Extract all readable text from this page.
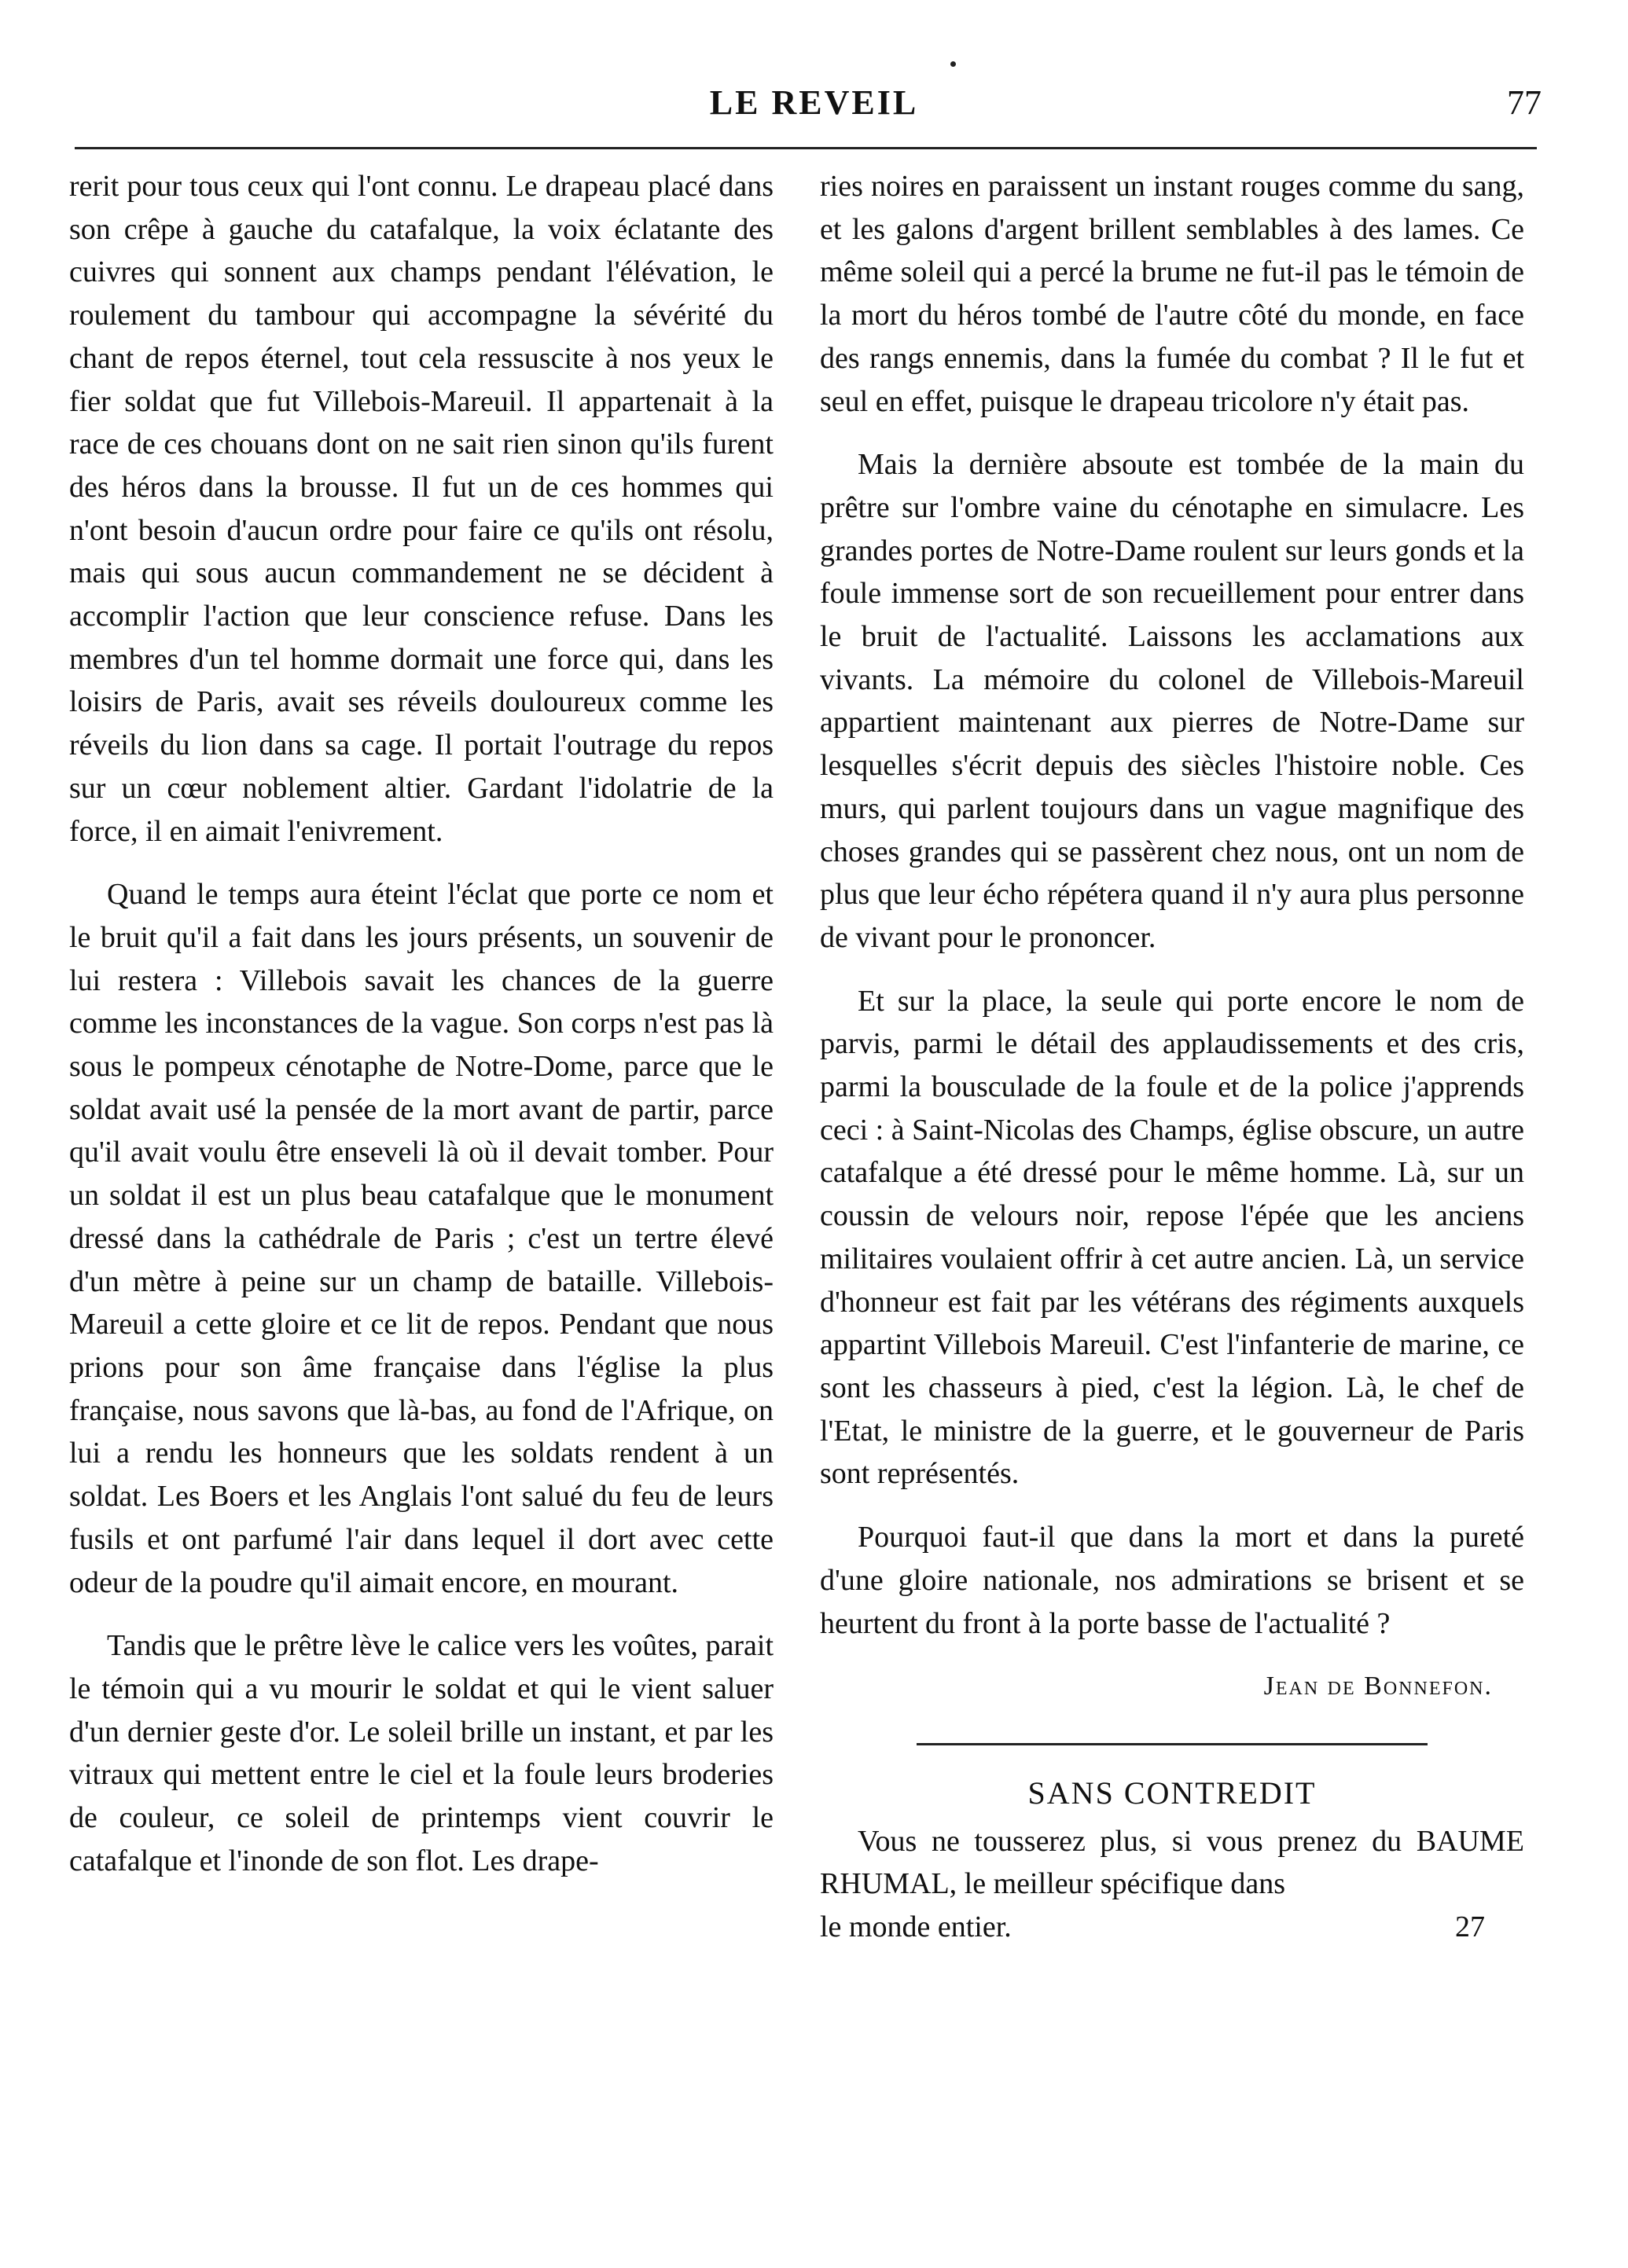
LE REVEIL	77

rerit pour tous ceux qui l'ont connu. Le drapeau placé dans son crêpe à gauche du catafalque, la voix éclatante des cuivres qui sonnent aux champs pendant l'élévation, le roulement du tambour qui accompagne la sévérité du chant de repos éternel, tout cela ressuscite à nos yeux le fier soldat que fut Villebois-Mareuil. Il appartenait à la race de ces chouans dont on ne sait rien sinon qu'ils furent des héros dans la brousse. Il fut un de ces hommes qui n'ont besoin d'aucun ordre pour faire ce qu'ils ont résolu, mais qui sous aucun commandement ne se décident à accomplir l'action que leur conscience refuse. Dans les membres d'un tel homme dormait une force qui, dans les loisirs de Paris, avait ses réveils douloureux comme les réveils du lion dans sa cage. Il portait l'outrage du repos sur un cœur noblement altier. Gardant l'idolatrie de la force, il en aimait l'enivrement.

Quand le temps aura éteint l'éclat que porte ce nom et le bruit qu'il a fait dans les jours présents, un souvenir de lui restera : Villebois savait les chances de la guerre comme les inconstances de la vague. Son corps n'est pas là sous le pompeux cénotaphe de Notre-Dome, parce que le soldat avait usé la pensée de la mort avant de partir, parce qu'il avait voulu être enseveli là où il devait tomber. Pour un soldat il est un plus beau catafalque que le monument dressé dans la cathédrale de Paris ; c'est un tertre élevé d'un mètre à peine sur un champ de bataille. Villebois-Mareuil a cette gloire et ce lit de repos. Pendant que nous prions pour son âme française dans l'église la plus française, nous savons que là-bas, au fond de l'Afrique, on lui a rendu les honneurs que les soldats rendent à un soldat. Les Boers et les Anglais l'ont salué du feu de leurs fusils et ont parfumé l'air dans lequel il dort avec cette odeur de la poudre qu'il aimait encore, en mourant.

Tandis que le prêtre lève le calice vers les voûtes, parait le témoin qui a vu mourir le soldat et qui le vient saluer d'un dernier geste d'or. Le soleil brille un instant, et par les vitraux qui mettent entre le ciel et la foule leurs broderies de couleur, ce soleil de printemps vient couvrir le catafalque et l'inonde de son flot. Les drape-

ries noires en paraissent un instant rouges comme du sang, et les galons d'argent brillent semblables à des lames. Ce même soleil qui a percé la brume ne fut-il pas le témoin de la mort du héros tombé de l'autre côté du monde, en face des rangs ennemis, dans la fumée du combat ? Il le fut et seul en effet, puisque le drapeau tricolore n'y était pas.

Mais la dernière absoute est tombée de la main du prêtre sur l'ombre vaine du cénotaphe en simulacre. Les grandes portes de Notre-Dame roulent sur leurs gonds et la foule immense sort de son recueillement pour entrer dans le bruit de l'actualité. Laissons les acclamations aux vivants. La mémoire du colonel de Villebois-Mareuil appartient maintenant aux pierres de Notre-Dame sur lesquelles s'écrit depuis des siècles l'histoire noble. Ces murs, qui parlent toujours dans un vague magnifique des choses grandes qui se passèrent chez nous, ont un nom de plus que leur écho répétera quand il n'y aura plus personne de vivant pour le prononcer.

Et sur la place, la seule qui porte encore le nom de parvis, parmi le détail des applaudissements et des cris, parmi la bousculade de la foule et de la police j'apprends ceci : à Saint-Nicolas des Champs, église obscure, un autre catafalque a été dressé pour le même homme. Là, sur un coussin de velours noir, repose l'épée que les anciens militaires voulaient offrir à cet autre ancien. Là, un service d'honneur est fait par les vétérans des régiments auxquels appartint Villebois Mareuil. C'est l'infanterie de marine, ce sont les chasseurs à pied, c'est la légion. Là, le chef de l'Etat, le ministre de la guerre, et le gouverneur de Paris sont représentés.

Pourquoi faut-il que dans la mort et dans la pureté d'une gloire nationale, nos admirations se brisent et se heurtent du front à la porte basse de l'actualité ?

Jean de Bonnefon.

SANS CONTREDIT

Vous ne tousserez plus, si vous prenez du BAUME RHUMAL, le meilleur spécifique dans

le monde entier.	27
